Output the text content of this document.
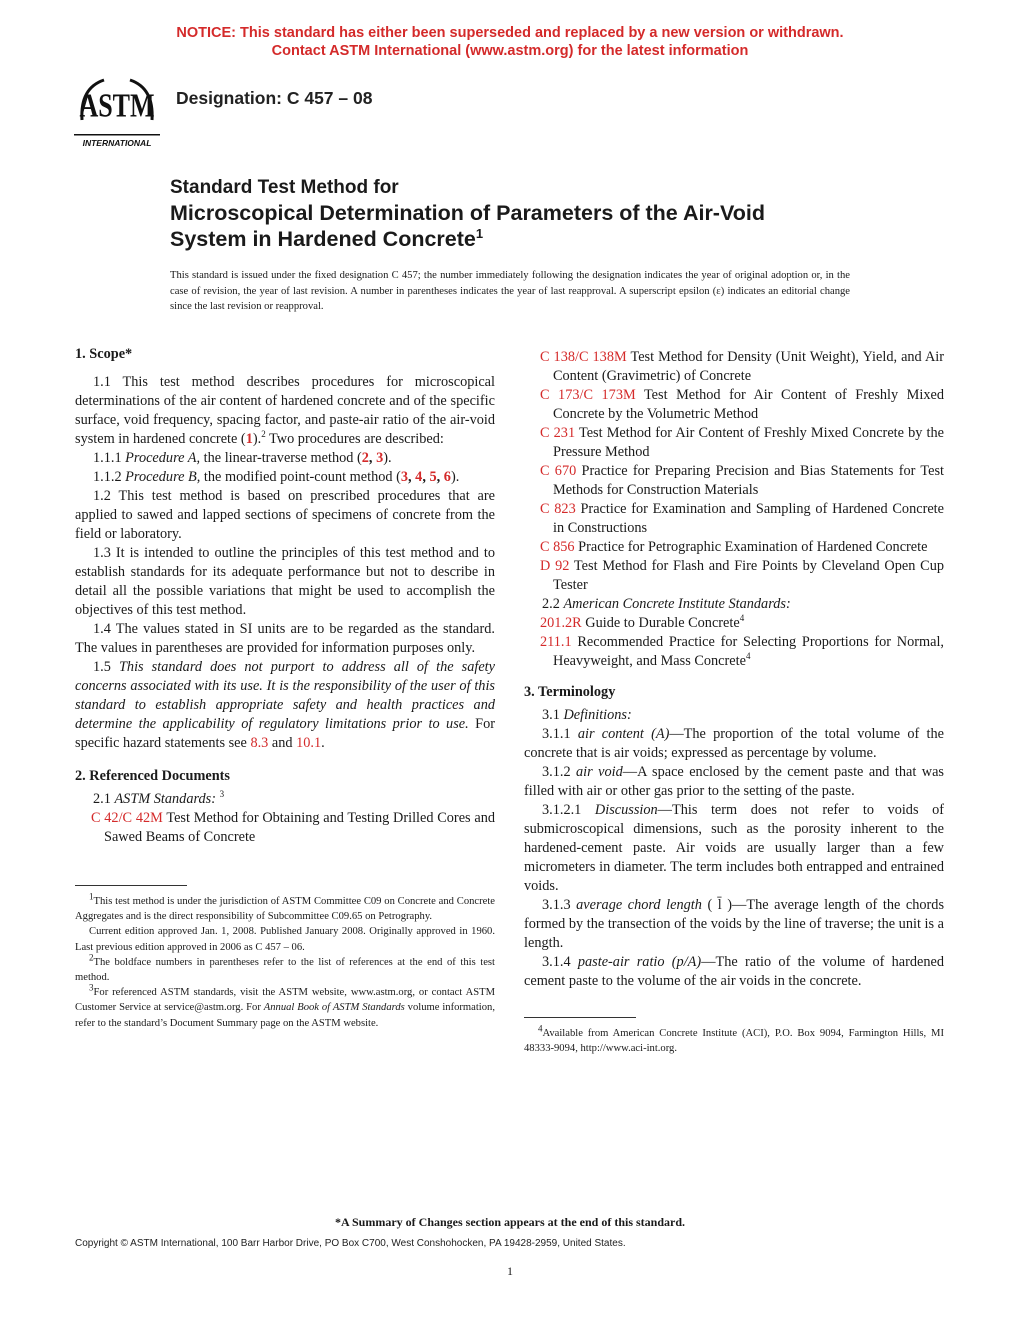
NOTICE: This standard has either been superseded and replaced by a new version or withdrawn.
Contact ASTM International (www.astm.org) for the latest information
ASTM
INTERNATIONAL
Designation: C 457 – 08
Standard Test Method for
Microscopical Determination of Parameters of the Air-Void
System in Hardened Concrete$^1$
This standard is issued under the fixed designation C 457; the number immediately following the designation indicates the year of original adoption or, in the case of revision, the year of last revision. A number in parentheses indicates the year of last reapproval. A superscript epsilon (ε) indicates an editorial change since the last revision or reapproval.

1. Scope*

1.1 This test method describes procedures for microscopical determinations of the air content of hardened concrete and of the specific surface, void frequency, spacing factor, and paste-air ratio of the air-void system in hardened concrete (1).$^2$ Two procedures are described:

1.1.1 Procedure A, the linear-traverse method (2, 3).

1.1.2 Procedure B, the modified point-count method (3, 4, 5, 6).

1.2 This test method is based on prescribed procedures that are applied to sawed and lapped sections of specimens of concrete from the field or laboratory.

1.3 It is intended to outline the principles of this test method and to establish standards for its adequate performance but not to describe in detail all the possible variations that might be used to accomplish the objectives of this test method.

1.4 The values stated in SI units are to be regarded as the standard. The values in parentheses are provided for information purposes only.

1.5 This standard does not purport to address all of the safety concerns associated with its use. It is the responsibility of the user of this standard to establish appropriate safety and health practices and determine the applicability of regulatory limitations prior to use. For specific hazard statements see 8.3 and 10.1.

2. Referenced Documents

2.1 ASTM Standards: $^3$

C 42/C 42M Test Method for Obtaining and Testing Drilled Cores and Sawed Beams of Concrete

$^1$This test method is under the jurisdiction of ASTM Committee C09 on Concrete and Concrete Aggregates and is the direct responsibility of Subcommittee C09.65 on Petrography.

Current edition approved Jan. 1, 2008. Published January 2008. Originally approved in 1960. Last previous edition approved in 2006 as C 457 – 06.

$^2$The boldface numbers in parentheses refer to the list of references at the end of this test method.

$^3$For referenced ASTM standards, visit the ASTM website, www.astm.org, or contact ASTM Customer Service at service@astm.org. For Annual Book of ASTM Standards volume information, refer to the standard’s Document Summary page on the ASTM website.

C 138/C 138M Test Method for Density (Unit Weight), Yield, and Air Content (Gravimetric) of Concrete

C 173/C 173M Test Method for Air Content of Freshly Mixed Concrete by the Volumetric Method

C 231 Test Method for Air Content of Freshly Mixed Concrete by the Pressure Method

C 670 Practice for Preparing Precision and Bias Statements for Test Methods for Construction Materials

C 823 Practice for Examination and Sampling of Hardened Concrete in Constructions

C 856 Practice for Petrographic Examination of Hardened Concrete

D 92 Test Method for Flash and Fire Points by Cleveland Open Cup Tester

2.2 American Concrete Institute Standards:

201.2R Guide to Durable Concrete$^4$

211.1 Recommended Practice for Selecting Proportions for Normal, Heavyweight, and Mass Concrete$^4$

3. Terminology

3.1 Definitions:

3.1.1 air content (A)—The proportion of the total volume of the concrete that is air voids; expressed as percentage by volume.

3.1.2 air void—A space enclosed by the cement paste and that was filled with air or other gas prior to the setting of the paste.

3.1.2.1 Discussion—This term does not refer to voids of submicroscopical dimensions, such as the porosity inherent to the hardened-cement paste. Air voids are usually larger than a few micrometers in diameter. The term includes both entrapped and entrained voids.

3.1.3 average chord length ( l̄ )—The average length of the chords formed by the transection of the voids by the line of traverse; the unit is a length.

3.1.4 paste-air ratio (p/A)—The ratio of the volume of hardened cement paste to the volume of the air voids in the concrete.

$^4$Available from American Concrete Institute (ACI), P.O. Box 9094, Farmington Hills, MI 48333-9094, http://www.aci-int.org.

*A Summary of Changes section appears at the end of this standard.
Copyright © ASTM International, 100 Barr Harbor Drive, PO Box C700, West Conshohocken, PA 19428-2959, United States.
1
